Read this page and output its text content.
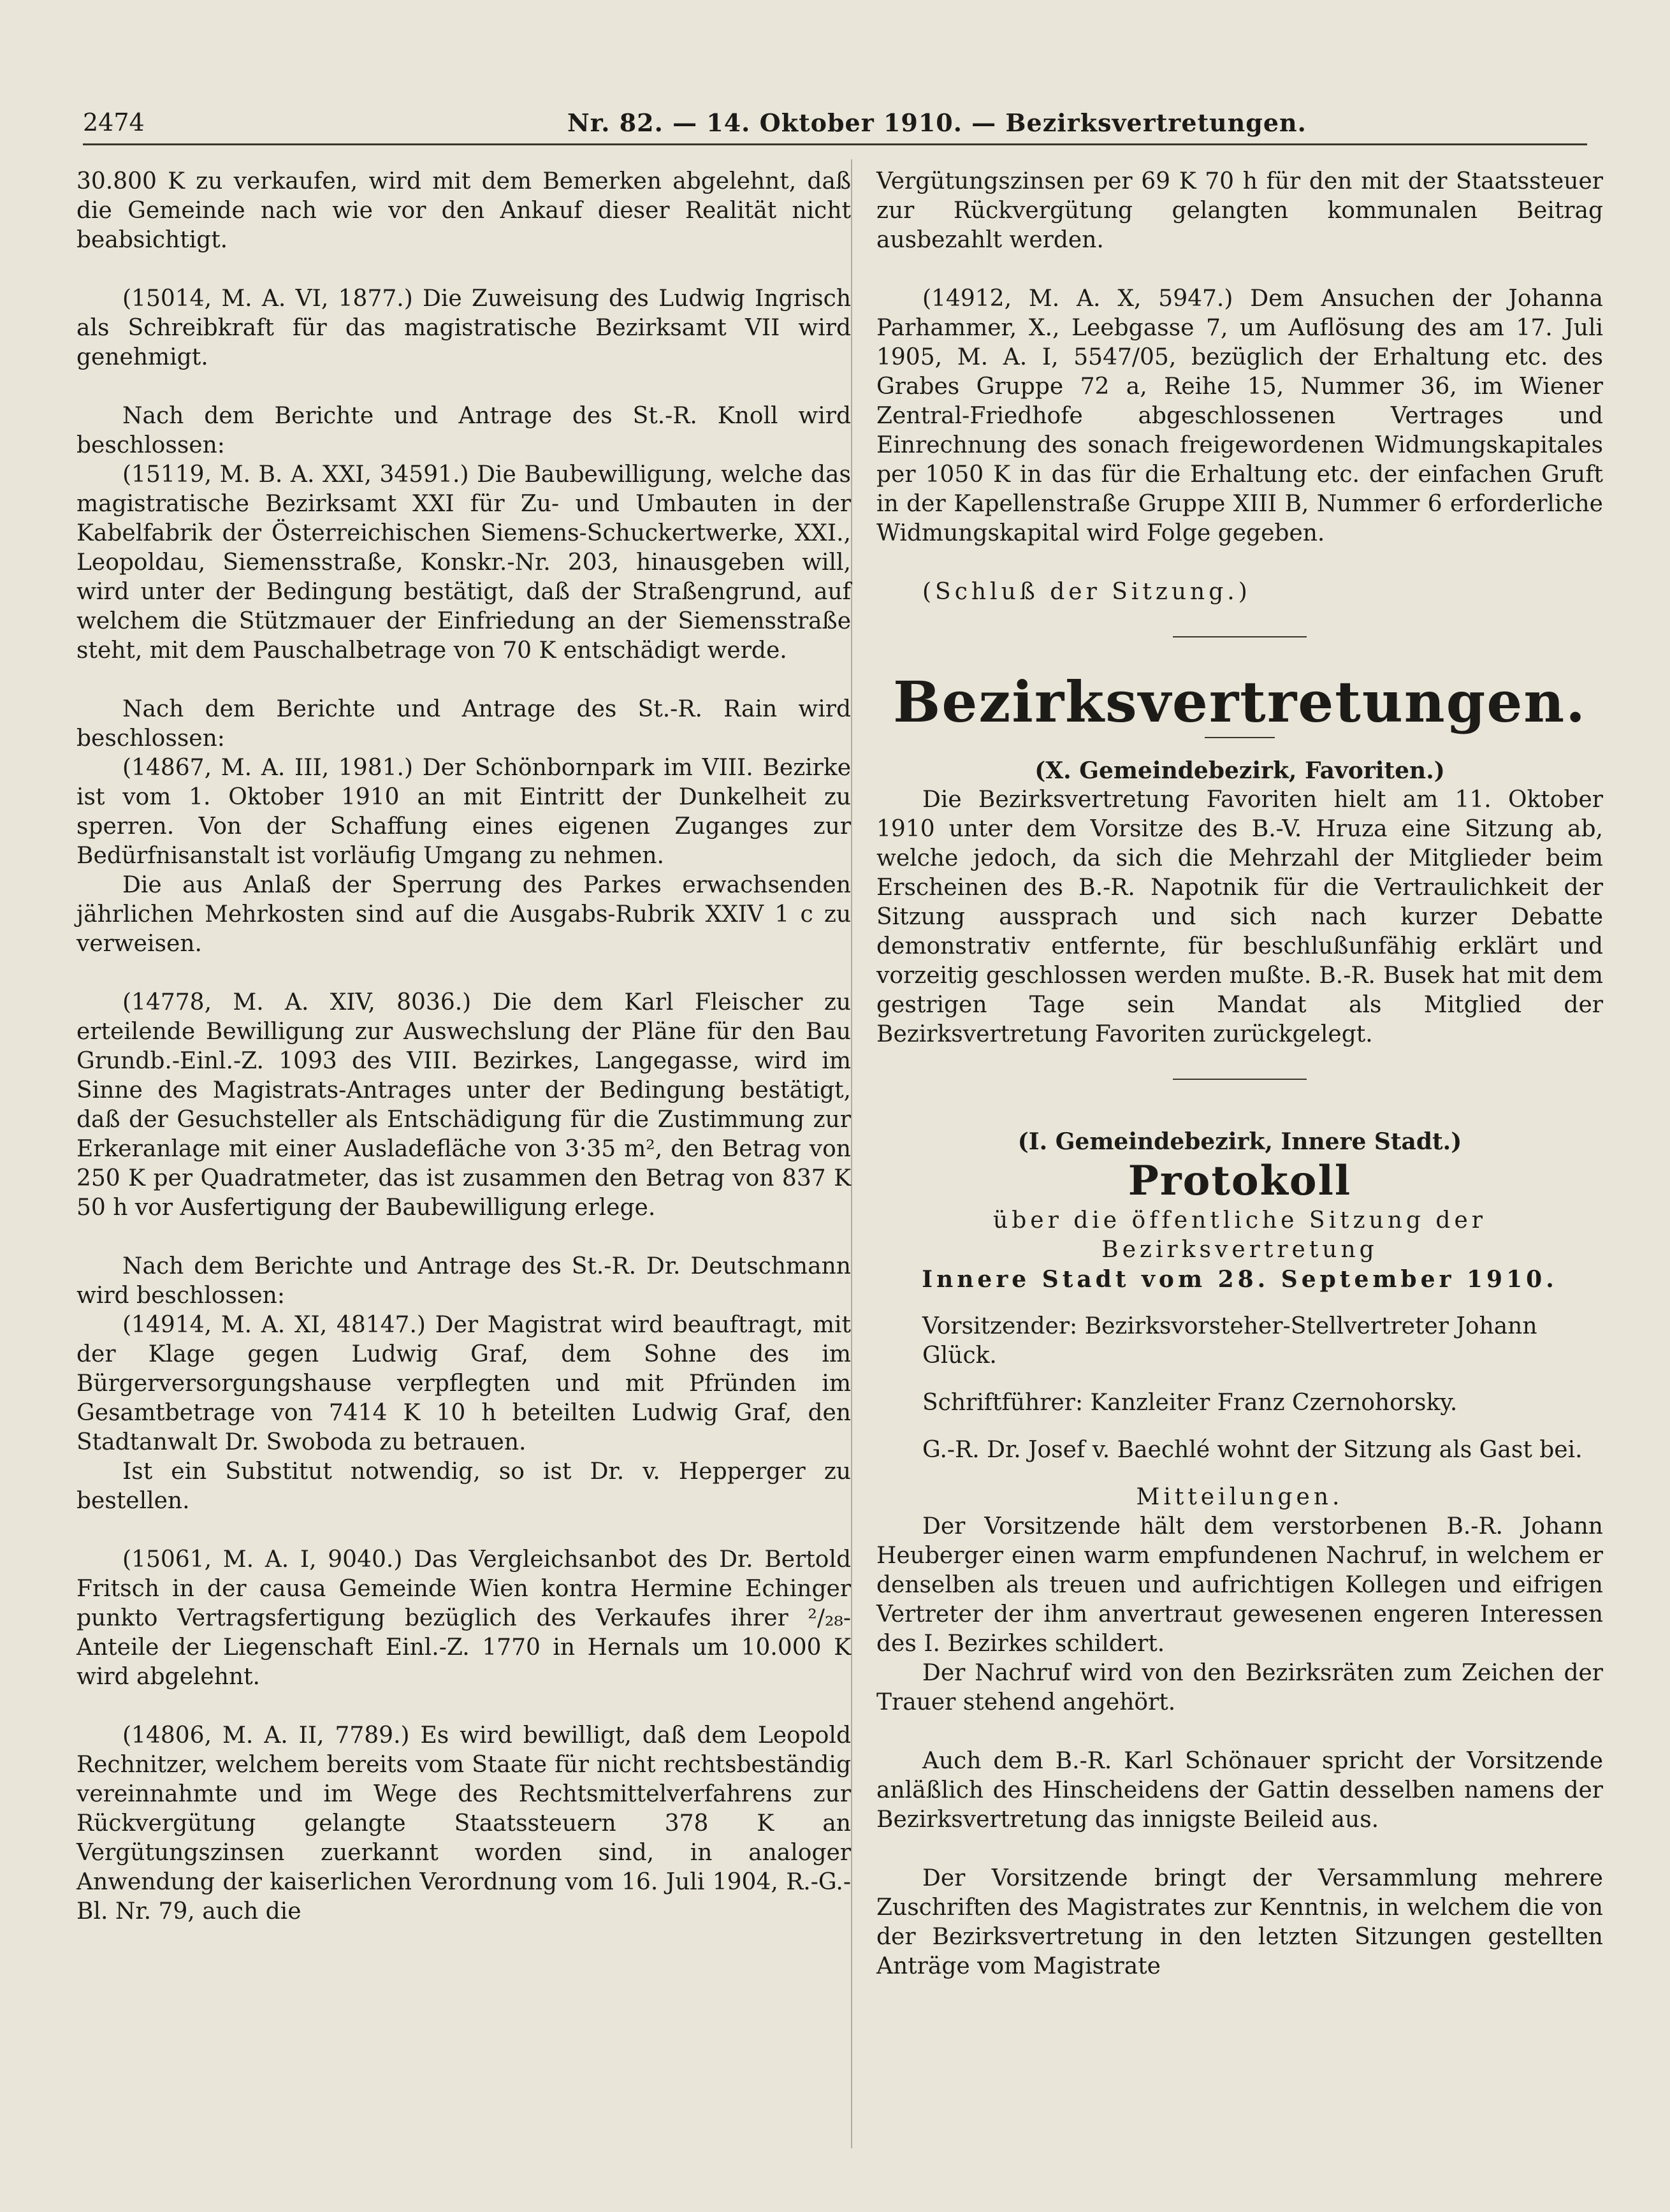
2474	Nr. 82. — 14. Oktober 1910. — Bezirksvertretungen.

30.800 K zu verkaufen, wird mit dem Bemerken abgelehnt, daß die Gemeinde nach wie vor den Ankauf dieser Realität nicht beabsichtigt.

(15014, M. A. VI, 1877.) Die Zuweisung des Ludwig Ingrisch als Schreibkraft für das magistratische Bezirksamt VII wird genehmigt.

Nach dem Berichte und Antrage des St.-R. Knoll wird beschlossen:

(15119, M. B. A. XXI, 34591.) Die Baubewilligung, welche das magistratische Bezirksamt XXI für Zu- und Umbauten in der Kabelfabrik der Österreichischen Siemens-Schuckertwerke, XXI., Leopoldau, Siemensstraße, Konskr.-Nr. 203, hinausgeben will, wird unter der Bedingung bestätigt, daß der Straßengrund, auf welchem die Stützmauer der Einfriedung an der Siemensstraße steht, mit dem Pauschalbetrage von 70 K entschädigt werde.

Nach dem Berichte und Antrage des St.-R. Rain wird beschlossen:

(14867, M. A. III, 1981.) Der Schönbornpark im VIII. Bezirke ist vom 1. Oktober 1910 an mit Eintritt der Dunkelheit zu sperren. Von der Schaffung eines eigenen Zuganges zur Bedürfnisanstalt ist vorläufig Umgang zu nehmen.

Die aus Anlaß der Sperrung des Parkes erwachsenden jährlichen Mehrkosten sind auf die Ausgabs-Rubrik XXIV 1 c zu verweisen.

(14778, M. A. XIV, 8036.) Die dem Karl Fleischer zu erteilende Bewilligung zur Auswechslung der Pläne für den Bau Grundb.-Einl.-Z. 1093 des VIII. Bezirkes, Langegasse, wird im Sinne des Magistrats-Antrages unter der Bedingung bestätigt, daß der Gesuchsteller als Entschädigung für die Zustimmung zur Erkeranlage mit einer Ausladefläche von 3·35 m², den Betrag von 250 K per Quadratmeter, das ist zusammen den Betrag von 837 K 50 h vor Ausfertigung der Baubewilligung erlege.

Nach dem Berichte und Antrage des St.-R. Dr. Deutschmann wird beschlossen:

(14914, M. A. XI, 48147.) Der Magistrat wird beauftragt, mit der Klage gegen Ludwig Graf, dem Sohne des im Bürgerversorgungshause verpflegten und mit Pfründen im Gesamtbetrage von 7414 K 10 h beteilten Ludwig Graf, den Stadtanwalt Dr. Swoboda zu betrauen.

Ist ein Substitut notwendig, so ist Dr. v. Hepperger zu bestellen.

(15061, M. A. I, 9040.) Das Vergleichsanbot des Dr. Bertold Fritsch in der causa Gemeinde Wien kontra Hermine Echinger punkto Vertragsfertigung bezüglich des Verkaufes ihrer ²/₂₈-Anteile der Liegenschaft Einl.-Z. 1770 in Hernals um 10.000 K wird abgelehnt.

(14806, M. A. II, 7789.) Es wird bewilligt, daß dem Leopold Rechnitzer, welchem bereits vom Staate für nicht rechtsbeständig vereinnahmte und im Wege des Rechtsmittelverfahrens zur Rückvergütung gelangte Staatssteuern 378 K an Vergütungszinsen zuerkannt worden sind, in analoger Anwendung der kaiserlichen Verordnung vom 16. Juli 1904, R.-G.-Bl. Nr. 79, auch die

Vergütungszinsen per 69 K 70 h für den mit der Staatssteuer zur Rückvergütung gelangten kommunalen Beitrag ausbezahlt werden.

(14912, M. A. X, 5947.) Dem Ansuchen der Johanna Parhammer, X., Leebgasse 7, um Auflösung des am 17. Juli 1905, M. A. I, 5547/05, bezüglich der Erhaltung etc. des Grabes Gruppe 72 a, Reihe 15, Nummer 36, im Wiener Zentral-Friedhofe abgeschlossenen Vertrages und Einrechnung des sonach freigewordenen Widmungskapitales per 1050 K in das für die Erhaltung etc. der einfachen Gruft in der Kapellenstraße Gruppe XIII B, Nummer 6 erforderliche Widmungskapital wird Folge gegeben.

(Schluß der Sitzung.)

Bezirksvertretungen.

(X. Gemeindebezirk, Favoriten.)

Die Bezirksvertretung Favoriten hielt am 11. Oktober 1910 unter dem Vorsitze des B.-V. Hruza eine Sitzung ab, welche jedoch, da sich die Mehrzahl der Mitglieder beim Erscheinen des B.-R. Napotnik für die Vertraulichkeit der Sitzung aussprach und sich nach kurzer Debatte demonstrativ entfernte, für beschlußunfähig erklärt und vorzeitig geschlossen werden mußte. B.-R. Busek hat mit dem gestrigen Tage sein Mandat als Mitglied der Bezirksvertretung Favoriten zurückgelegt.

(I. Gemeindebezirk, Innere Stadt.)

Protokoll

über die öffentliche Sitzung der Bezirksvertretung

Innere Stadt vom 28. September 1910.

Vorsitzender: Bezirksvorsteher-Stellvertreter Johann Glück.

Schriftführer: Kanzleiter Franz Czernohorsky.

G.-R. Dr. Josef v. Baechlé wohnt der Sitzung als Gast bei.

Mitteilungen.

Der Vorsitzende hält dem verstorbenen B.-R. Johann Heuberger einen warm empfundenen Nachruf, in welchem er denselben als treuen und aufrichtigen Kollegen und eifrigen Vertreter der ihm anvertraut gewesenen engeren Interessen des I. Bezirkes schildert.

Der Nachruf wird von den Bezirksräten zum Zeichen der Trauer stehend angehört.

Auch dem B.-R. Karl Schönauer spricht der Vorsitzende anläßlich des Hinscheidens der Gattin desselben namens der Bezirksvertretung das innigste Beileid aus.

Der Vorsitzende bringt der Versammlung mehrere Zuschriften des Magistrates zur Kenntnis, in welchem die von der Bezirksvertretung in den letzten Sitzungen gestellten Anträge vom Magistrate
